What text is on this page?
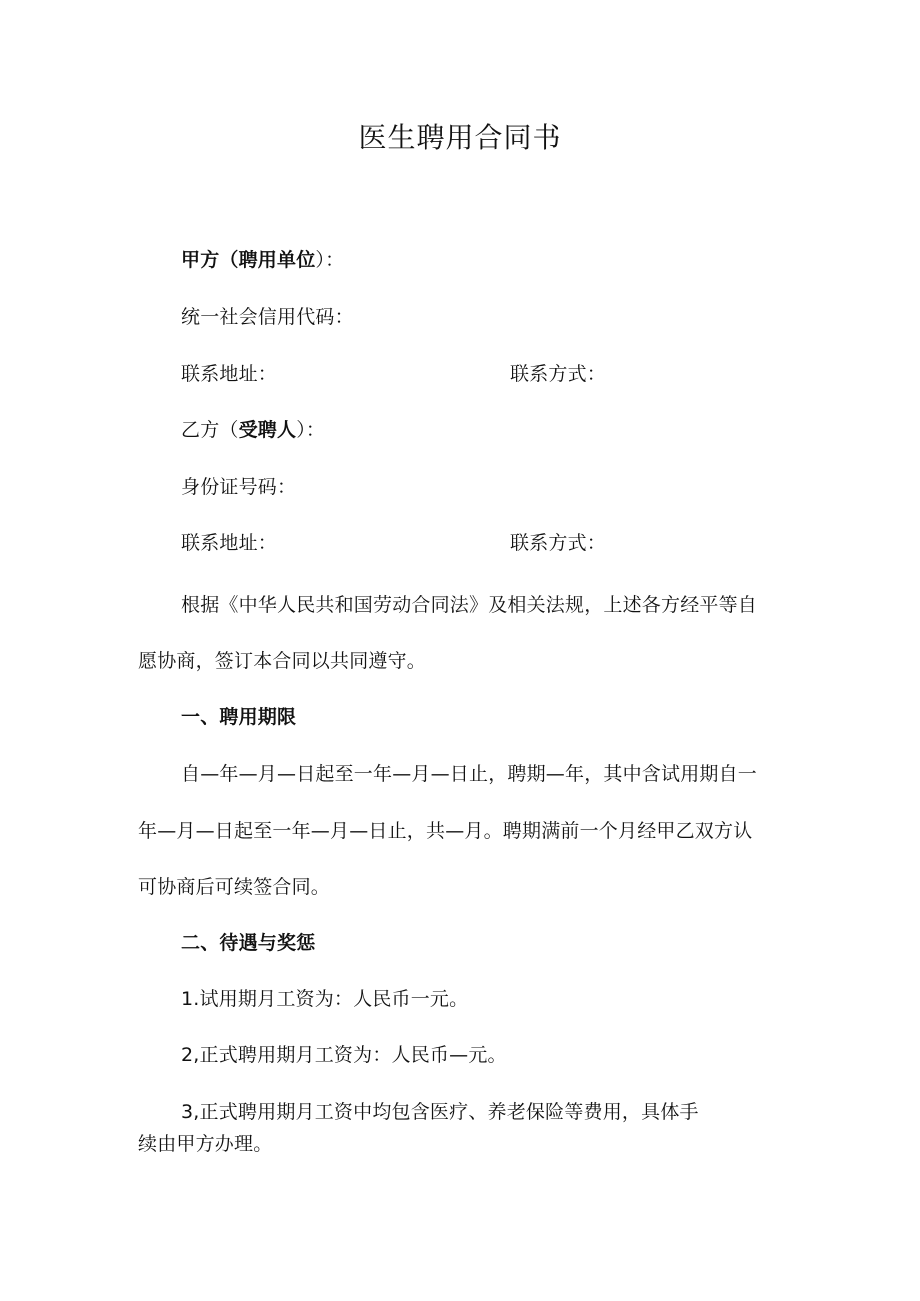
医生聘用合同书
甲方（聘用单位）：
统一社会信用代码：
联系地址：	联系方式：
乙方（受聘人）：
身份证号码：
联系地址：	联系方式：
根据《中华人民共和国劳动合同法》及相关法规，上述各方经平等自
愿协商，签订本合同以共同遵守。
一、聘用期限
自—年—月—日起至一年—月—日止，聘期—年，其中含试用期自一
年—月—日起至一年—月—日止，共—月。聘期满前一个月经甲乙双方认
可协商后可续签合同。
二、待遇与奖惩
1.试用期月工资为：人民币一元。
2,正式聘用期月工资为：人民币—元。
3,正式聘用期月工资中均包含医疗、养老保险等费用，具体手
续由甲方办理。
